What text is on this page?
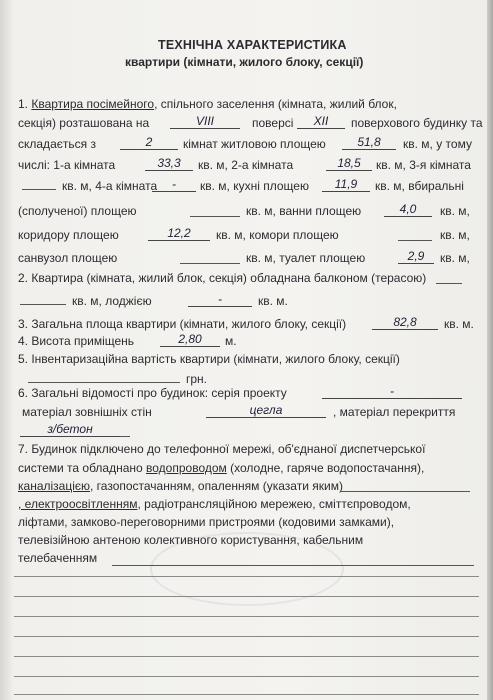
ТЕХНІЧНА ХАРАКТЕРИСТИКА
квартири (кімнати, жилого блоку, секції)
1. Квартира посімейного, спільного заселення (кімната, жилий блок,
секція) розташована на	VIII	поверсі	XII	поверхового будинку та
складається з	2	кімнат житловою площею	51,8	кв. м, у тому
числі: 1-а кімната	33,3	кв. м, 2-а кімната	18,5	кв. м, 3-я кімната
кв. м, 4-а кімната	-	кв. м, кухні площею	11,9	кв. м, вбиральні
(сполученої) площею	кв. м, ванни площею	4,0	кв. м,
коридору площею	12,2	кв. м, комори площею	кв. м,
санвузол площею	кв. м, туалет площею	2,9	кв. м,
2. Квартира (кімната, жилий блок, секція) обладнана балконом (терасою)
кв. м, лоджією	-	кв. м.
3. Загальна площа квартири (кімнати, жилого блоку, секції)	82,8	кв. м.
4. Висота приміщень	2,80	м.
5. Інвентаризаційна вартість квартири (кімнати, жилого блоку, секції)
грн.
6. Загальні відомості про будинок: серія проекту	-
матеріал зовнішніх стін	цегла	, матеріал перекриття
з/бетон
7. Будинок підключено до телефонної мережі, об'єднаної диспетчерської
системи та обладнано водопроводом (холодне, гаряче водопостачання),
каналізацією, газопостачанням, опаленням (указати яким)
, електроосвітленням, радіотрансляційною мережею, сміттєпроводом,
ліфтами, замково-переговорними пристроями (кодовими замками),
телевізійною антеною колективного користування, кабельним
телебаченням
